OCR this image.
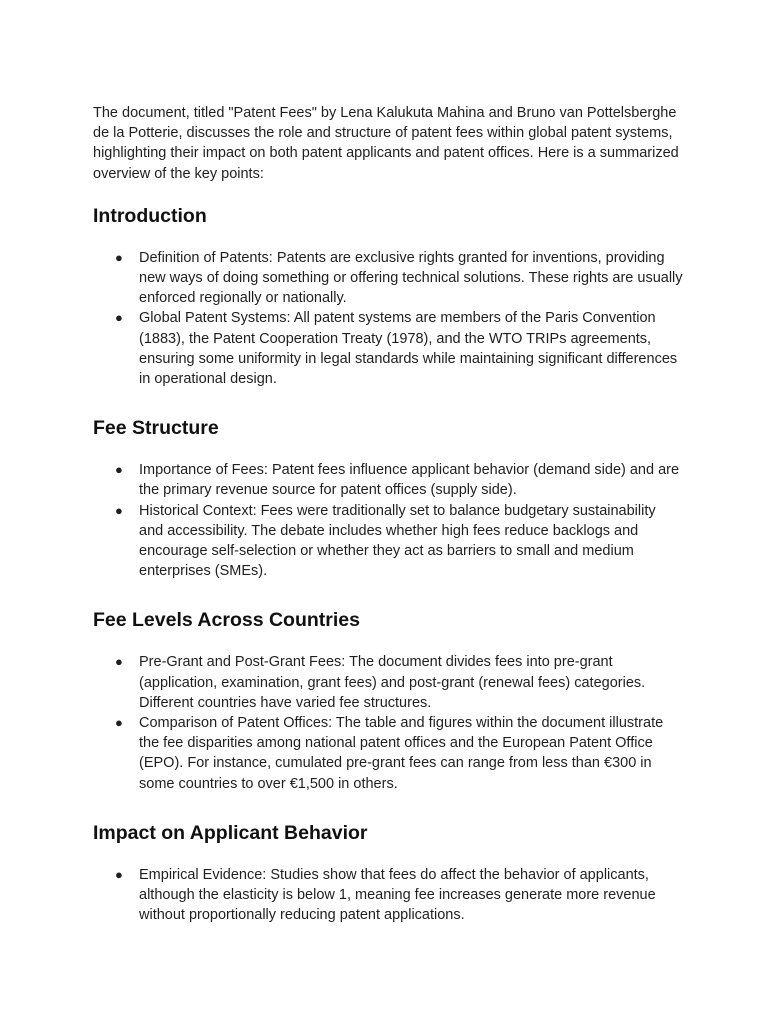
The document, titled "Patent Fees" by Lena Kalukuta Mahina and Bruno van Pottelsberghe de la Potterie, discusses the role and structure of patent fees within global patent systems, highlighting their impact on both patent applicants and patent offices. Here is a summarized overview of the key points:

Introduction
● Definition of Patents: Patents are exclusive rights granted for inventions, providing new ways of doing something or offering technical solutions. These rights are usually enforced regionally or nationally.
● Global Patent Systems: All patent systems are members of the Paris Convention (1883), the Patent Cooperation Treaty (1978), and the WTO TRIPs agreements, ensuring some uniformity in legal standards while maintaining significant differences in operational design.
Fee Structure
● Importance of Fees: Patent fees influence applicant behavior (demand side) and are the primary revenue source for patent offices (supply side).
● Historical Context: Fees were traditionally set to balance budgetary sustainability and accessibility. The debate includes whether high fees reduce backlogs and encourage self-selection or whether they act as barriers to small and medium enterprises (SMEs).
Fee Levels Across Countries
● Pre-Grant and Post-Grant Fees: The document divides fees into pre-grant (application, examination, grant fees) and post-grant (renewal fees) categories. Different countries have varied fee structures.
● Comparison of Patent Offices: The table and figures within the document illustrate the fee disparities among national patent offices and the European Patent Office (EPO). For instance, cumulated pre-grant fees can range from less than €300 in some countries to over €1,500 in others.
Impact on Applicant Behavior
● Empirical Evidence: Studies show that fees do affect the behavior of applicants, although the elasticity is below 1, meaning fee increases generate more revenue without proportionally reducing patent applications.
